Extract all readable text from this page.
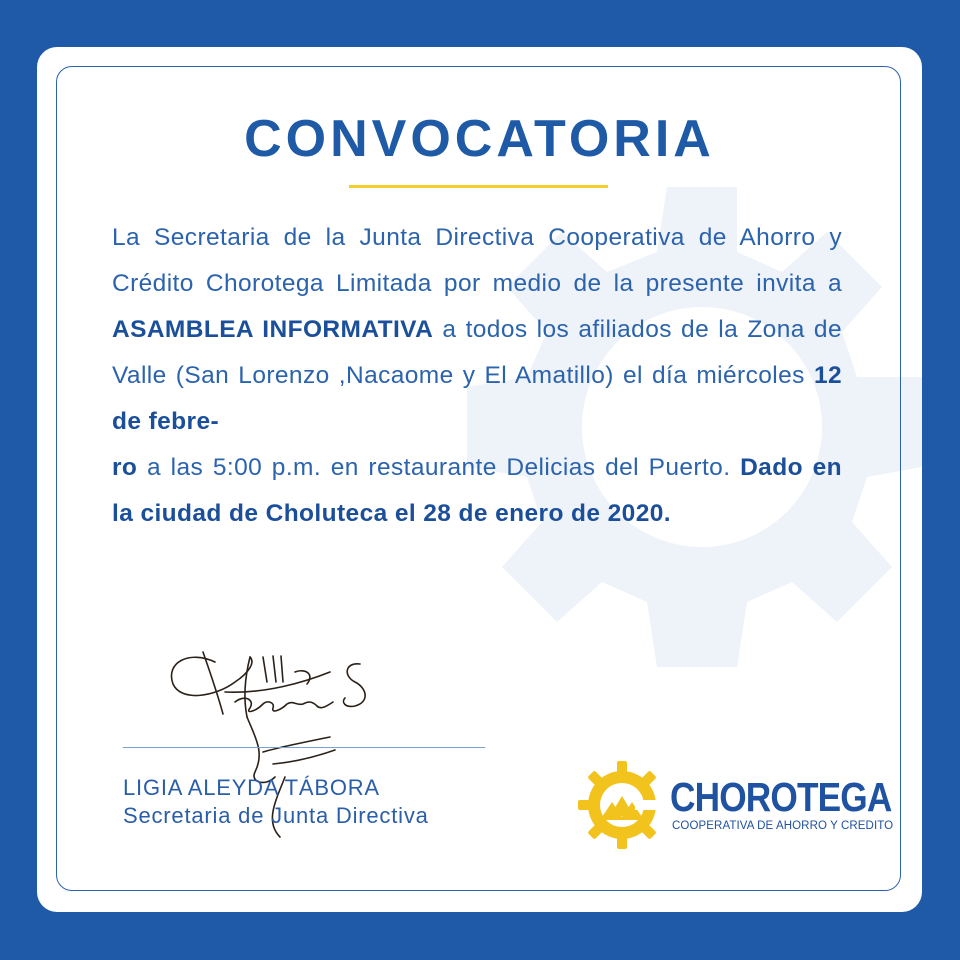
CONVOCATORIA
La Secretaria de la Junta Directiva Cooperativa de Ahorro y Crédito Chorotega Limitada por medio de la presente invita a ASAMBLEA INFORMATIVA a todos los afiliados de la Zona de Valle (San Lorenzo ,Nacaome y El Amatillo) el día miércoles 12 de febre-
ro a las 5:00 p.m. en restaurante Delicias del Puerto. Dado en la ciudad de Choluteca el 28 de enero de 2020.
LIGIA ALEYDA TÁBORA
Secretaria de Junta Directiva	CHOROTEGA
COOPERATIVA DE AHORRO Y CREDITO
